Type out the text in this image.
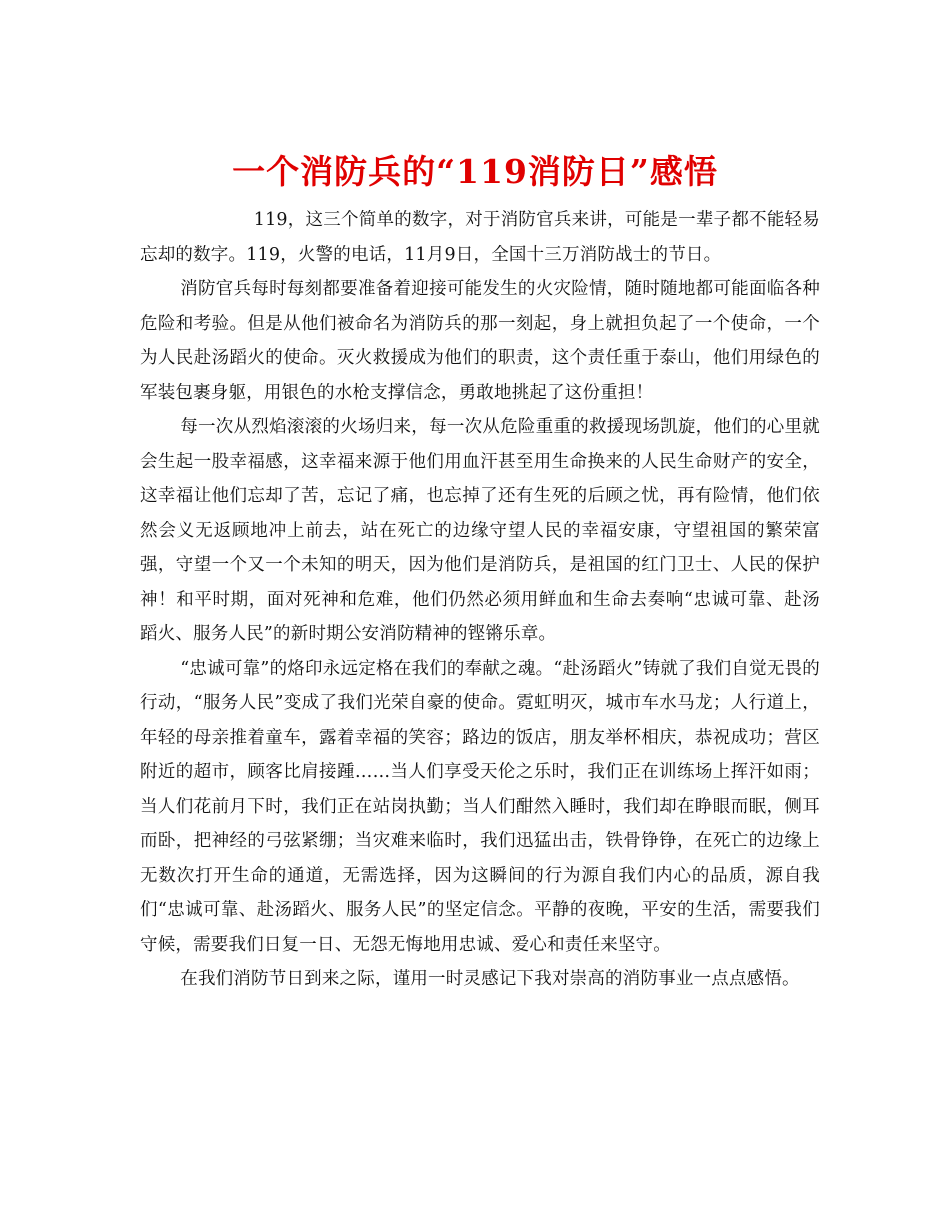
一个消防兵的“119消防日”感悟

119，这三个简单的数字，对于消防官兵来讲，可能是一辈子都不能轻易忘却的数字。119，火警的电话，11月9日，全国十三万消防战士的节日。

消防官兵每时每刻都要准备着迎接可能发生的火灾险情，随时随地都可能面临各种危险和考验。但是从他们被命名为消防兵的那一刻起，身上就担负起了一个使命，一个为人民赴汤蹈火的使命。灭火救援成为他们的职责，这个责任重于泰山，他们用绿色的军装包裹身躯，用银色的水枪支撑信念，勇敢地挑起了这份重担！

每一次从烈焰滚滚的火场归来，每一次从危险重重的救援现场凯旋，他们的心里就会生起一股幸福感，这幸福来源于他们用血汗甚至用生命换来的人民生命财产的安全，这幸福让他们忘却了苦，忘记了痛，也忘掉了还有生死的后顾之忧，再有险情，他们依然会义无返顾地冲上前去，站在死亡的边缘守望人民的幸福安康，守望祖国的繁荣富强，守望一个又一个未知的明天，因为他们是消防兵，是祖国的红门卫士、人民的保护神！和平时期，面对死神和危难，他们仍然必须用鲜血和生命去奏响“忠诚可靠、赴汤蹈火、服务人民”的新时期公安消防精神的铿锵乐章。

“忠诚可靠”的烙印永远定格在我们的奉献之魂。“赴汤蹈火”铸就了我们自觉无畏的行动，“服务人民”变成了我们光荣自豪的使命。霓虹明灭，城市车水马龙；人行道上，年轻的母亲推着童车，露着幸福的笑容；路边的饭店，朋友举杯相庆，恭祝成功；营区附近的超市，顾客比肩接踵……当人们享受天伦之乐时，我们正在训练场上挥汗如雨；当人们花前月下时，我们正在站岗执勤；当人们酣然入睡时，我们却在睁眼而眠，侧耳而卧，把神经的弓弦紧绷；当灾难来临时，我们迅猛出击，铁骨铮铮，在死亡的边缘上无数次打开生命的通道，无需选择，因为这瞬间的行为源自我们内心的品质，源自我们“忠诚可靠、赴汤蹈火、服务人民”的坚定信念。平静的夜晚，平安的生活，需要我们守候，需要我们日复一日、无怨无悔地用忠诚、爱心和责任来坚守。

在我们消防节日到来之际，谨用一时灵感记下我对崇高的消防事业一点点感悟。
